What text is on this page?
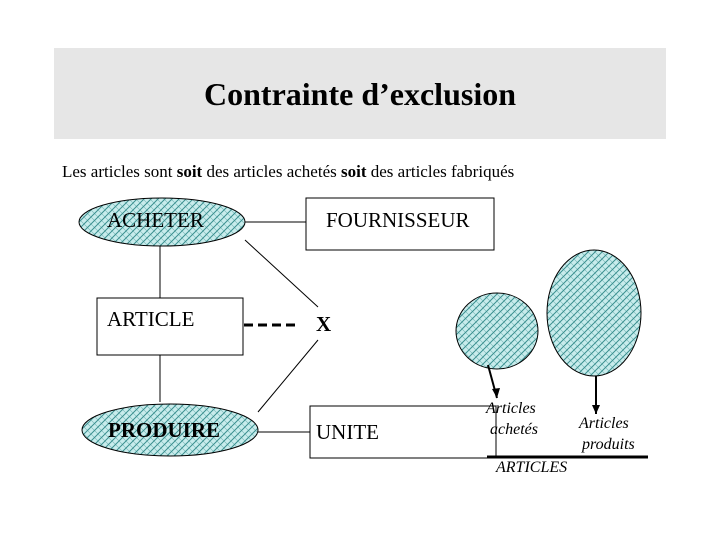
Contrainte d’exclusion
Les articles sont soit des articles achetés soit des articles fabriqués
ACHETER	FOURNISSEUR
ARTICLE	X
PRODUIRE	UNITE
Articles
achetés	Articles
produits
ARTICLES
